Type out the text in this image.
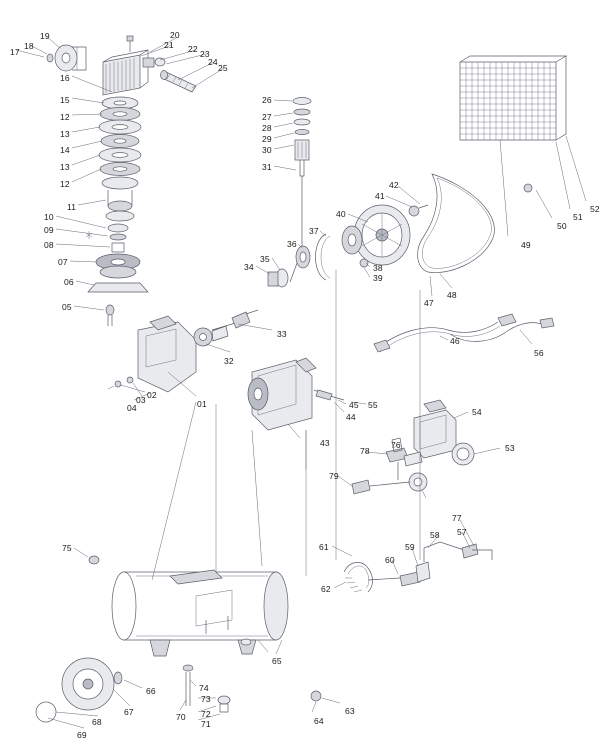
17
18
19
16
15
12
13
14
13
12
11
10
09
08
07
06
05
20
21 22 23
24
25
26
27
28
29
30
31
40
41
42
37
36
35
34	38
39
47
48
49
50
51
52
33
32
01
02
03
04
43
44
45 55
46
56
54
53
76
78
79
77
57
58
59
60
61
62
75
65
66
67
68
69
70
71
72
73
74
63
64
